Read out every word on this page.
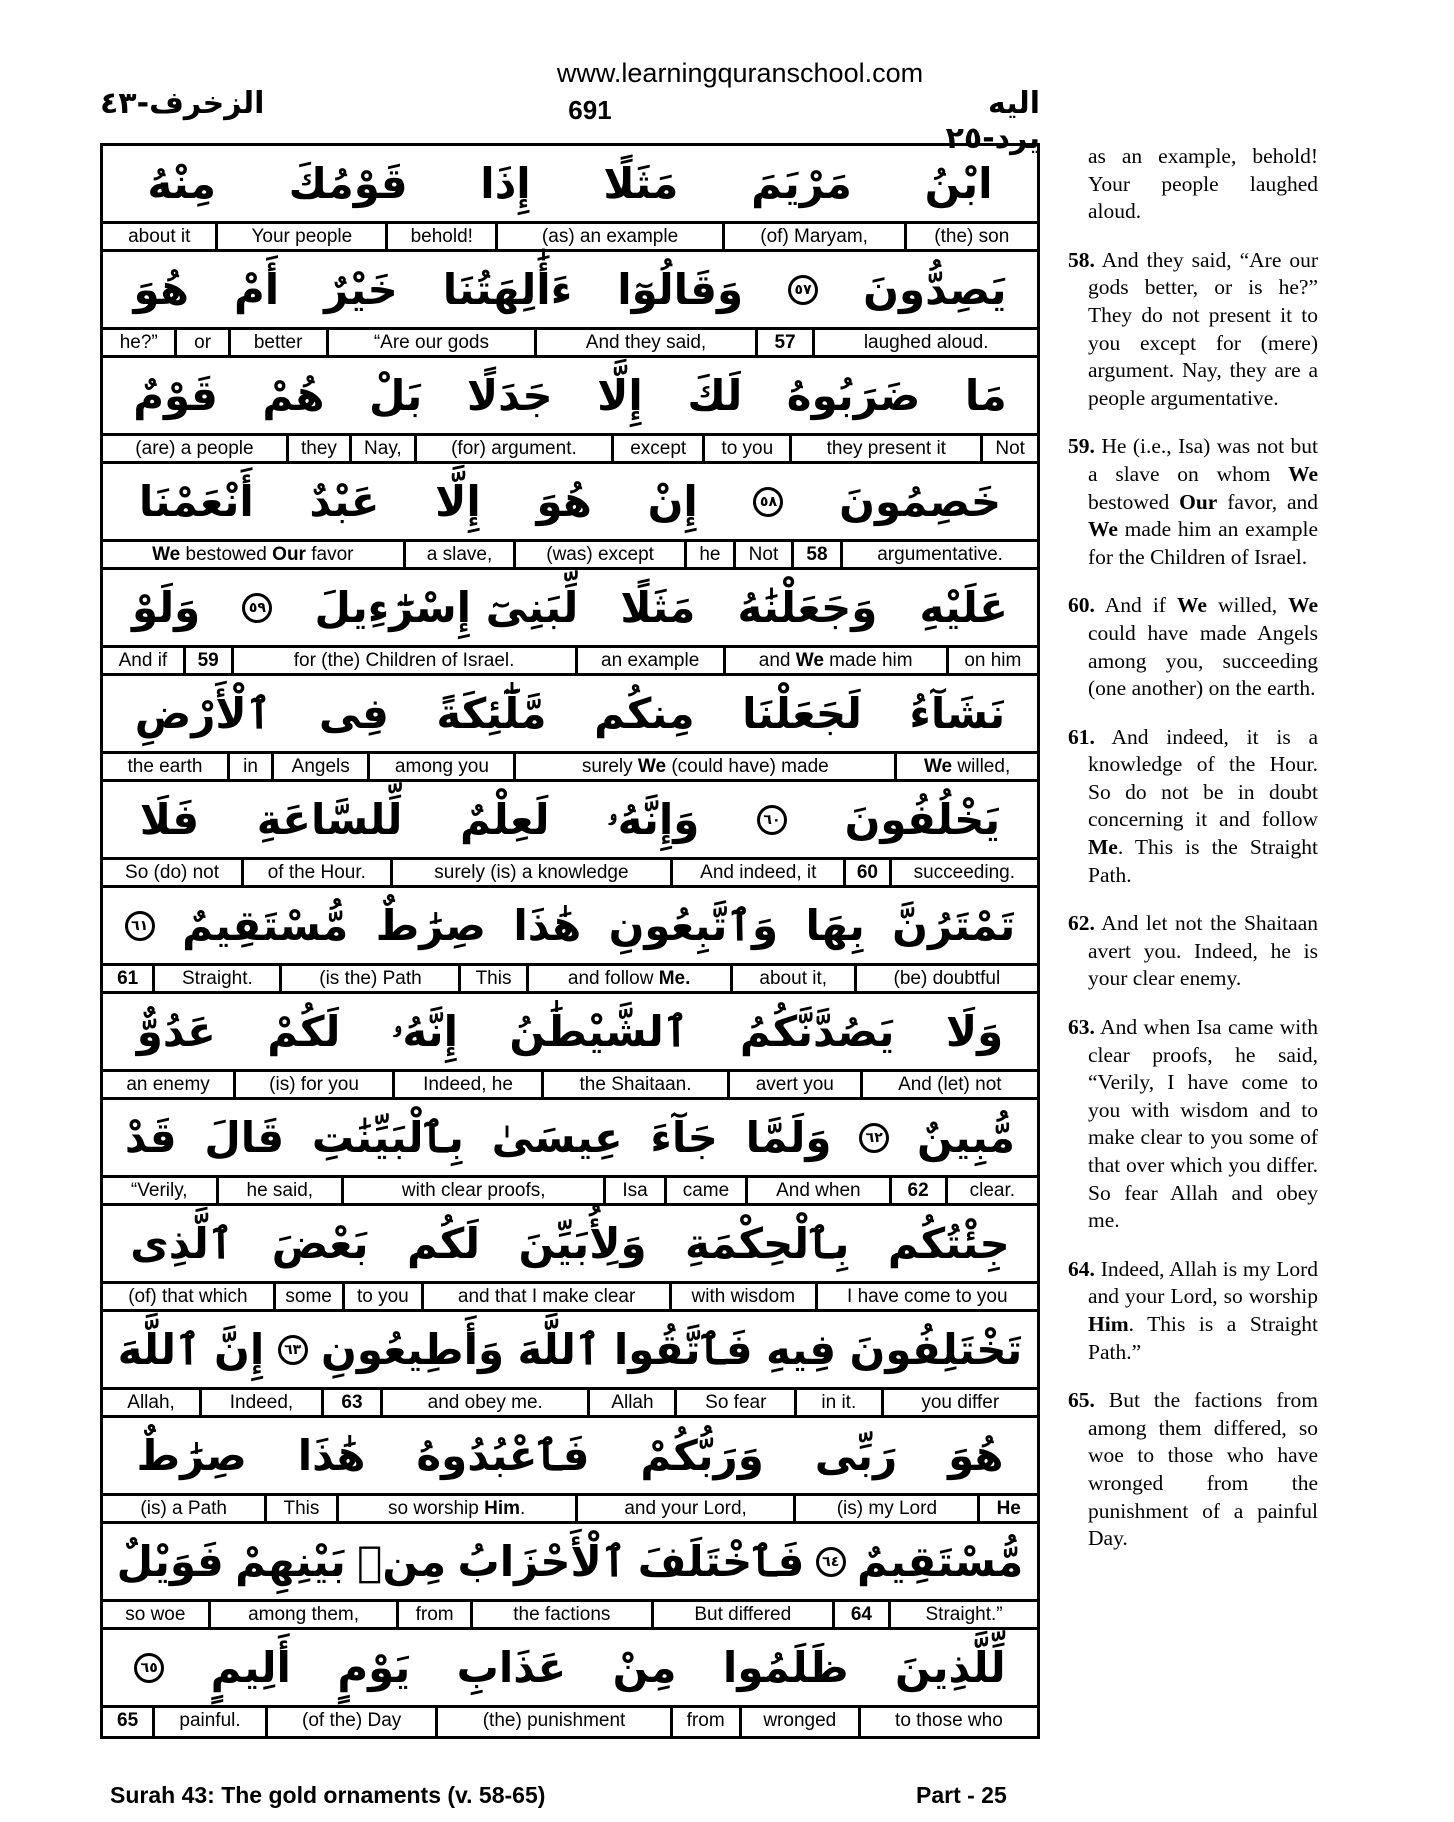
www.learningquranschool.com
691
الزخرف-٤٣	اليه يرد-٢٥
ابْنُ
مَرْيَمَ
مَثَلًا
إِذَا
قَوْمُكَ
مِنْهُ
(the) son
(of) Maryam,
(as) an example
behold!
Your people
about it
يَصِدُّونَ
٥٧
وَقَالُوٓا
ءَأَٰلِهَتُنَا
خَيْرٌ
أَمْ
هُوَ
laughed aloud.
57
And they said,
“Are our gods
better
or
he?”
مَا
ضَرَبُوهُ
لَكَ
إِلَّا
جَدَلًا
بَلْ
هُمْ
قَوْمٌ
Not
they present it
to you
except
(for) argument.
Nay,
they
(are) a people
خَصِمُونَ
٥٨
إِنْ
هُوَ
إِلَّا
عَبْدٌ
أَنْعَمْنَا
argumentative.
58
Not
he
(was) except
a slave,
We bestowed Our favor
عَلَيْهِ
وَجَعَلْنَٰهُ
مَثَلًا
لِّبَنِىٓ إِسْرَٰٓءِيلَ
٥٩
وَلَوْ
on him
and We made him
an example
for (the) Children of Israel.
59
And if
نَشَآءُ
لَجَعَلْنَا
مِنكُم
مَّلَٰٓئِكَةً
فِى
ٱلْأَرْضِ
We willed,
surely We (could have) made
among you
Angels
in
the earth
يَخْلُفُونَ
٦٠
وَإِنَّهُۥ
لَعِلْمٌ
لِّلسَّاعَةِ
فَلَا
succeeding.
60
And indeed, it
surely (is) a knowledge
of the Hour.
So (do) not
تَمْتَرُنَّ
بِهَا
وَٱتَّبِعُونِ
هَٰذَا
صِرَٰطٌ
مُّسْتَقِيمٌ
٦١
(be) doubtful
about it,
and follow Me.
This
(is the) Path
Straight.
61
وَلَا
يَصُدَّنَّكُمُ
ٱلشَّيْطَٰنُ
إِنَّهُۥ
لَكُمْ
عَدُوٌّ
And (let) not
avert you
the Shaitaan.
Indeed, he
(is) for you
an enemy
مُّبِينٌ
٦٢
وَلَمَّا
جَآءَ
عِيسَىٰ
بِٱلْبَيِّنَٰتِ
قَالَ
قَدْ
clear.
62
And when
came
Isa
with clear proofs,
he said,
“Verily,
جِئْتُكُم
بِٱلْحِكْمَةِ
وَلِأُبَيِّنَ
لَكُم
بَعْضَ
ٱلَّذِى
I have come to you
with wisdom
and that I make clear
to you
some
(of) that which
تَخْتَلِفُونَ
فِيهِ
فَٱتَّقُوا
ٱللَّهَ
وَأَطِيعُونِ
٦٣
إِنَّ
ٱللَّهَ
you differ
in it.
So fear
Allah
and obey me.
63
Indeed,
Allah,
هُوَ
رَبِّى
وَرَبُّكُمْ
فَٱعْبُدُوهُ
هَٰذَا
صِرَٰطٌ
He
(is) my Lord
and your Lord,
so worship Him.
This
(is) a Path
مُّسْتَقِيمٌ
٦٤
فَٱخْتَلَفَ
ٱلْأَحْزَابُ
مِنۢ
بَيْنِهِمْ
فَوَيْلٌ
Straight.”
64
But differed
the factions
from
among them,
so woe
لِّلَّذِينَ
ظَلَمُوا
مِنْ
عَذَابِ
يَوْمٍ
أَلِيمٍ
٦٥
to those who
wronged
from
(the) punishment
(of the) Day
painful.
65

as an example, behold! Your people laughed aloud.

58. And they said, “Are our gods better, or is he?” They do not present it to you except for (mere) argument. Nay, they are a people argumentative.

59. He (i.e., Isa) was not but a slave on whom We bestowed Our favor, and We made him an example for the Children of Israel.

60. And if We willed, We could have made Angels among you, succeeding (one another) on the earth.

61. And indeed, it is a knowledge of the Hour. So do not be in doubt concerning it and follow Me. This is the Straight Path.

62. And let not the Shaitaan avert you. Indeed, he is your clear enemy.

63. And when Isa came with clear proofs, he said, “Verily, I have come to you with wisdom and to make clear to you some of that over which you differ. So fear Allah and obey me.

64. Indeed, Allah is my Lord and your Lord, so worship Him. This is a Straight Path.”

65. But the factions from among them differed, so woe to those who have wronged from the punishment of a painful Day.

Surah 43: The gold ornaments (v. 58-65)	Part - 25
